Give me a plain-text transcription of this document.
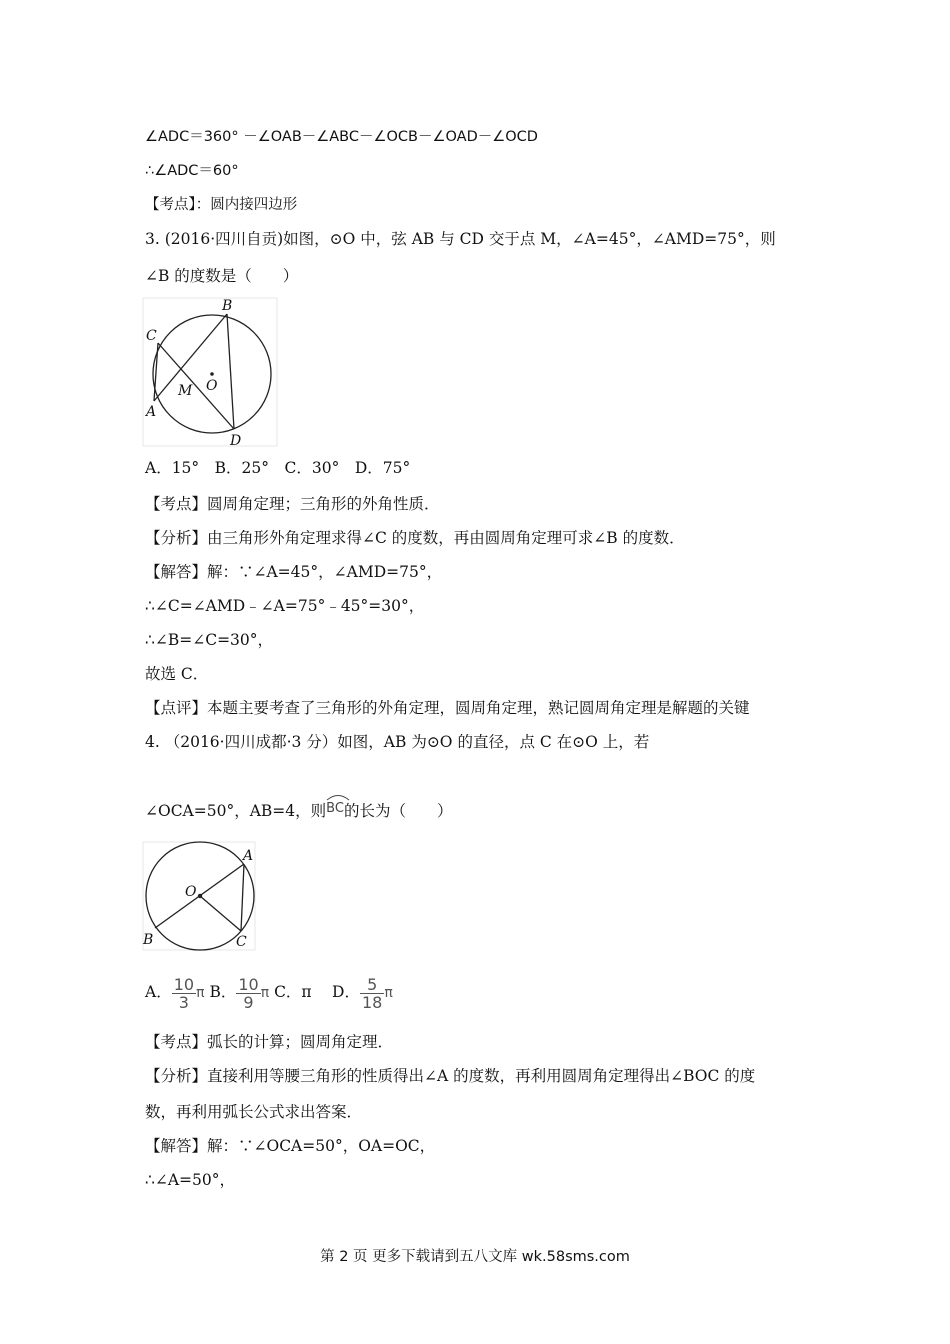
∠ADC＝360° －∠OAB－∠ABC－∠OCB－∠OAD－∠OCD
∴∠ADC＝60°
【考点】：圆内接四边形
3. (2016·四川自贡)如图，⊙O 中，弦 AB 与 CD 交于点 M，∠A=45°，∠AMD=75°，则
∠B 的度数是（　　）
B
C
M O
A
D
A．15°　B．25°　C．30°　D．75°
【考点】圆周角定理；三角形的外角性质．
【分析】由三角形外角定理求得∠C 的度数，再由圆周角定理可求∠B 的度数．
【解答】解：∵∠A=45°，∠AMD=75°，
∴∠C=∠AMD﹣∠A=75°﹣45°=30°，
∴∠B=∠C=30°，
故选 C．
【点评】本题主要考查了三角形的外角定理，圆周角定理，熟记圆周角定理是解题的关键
4. （2016·四川成都·3 分）如图，AB 为⊙O 的直径，点 C 在⊙O 上，若
∠OCA=50°，AB=4，则
BC的长为（　　）
A
O
B	C
A． $\frac{10}{3}$ π B． $\frac{10}{9}$ π C．π　 D． $\frac{5}{18}$ π
【考点】弧长的计算；圆周角定理．
【分析】直接利用等腰三角形的性质得出∠A 的度数，再利用圆周角定理得出∠BOC 的度
数，再利用弧长公式求出答案．
【解答】解：∵∠OCA=50°，OA=OC，
∴∠A=50°，
第 2 页 更多下载请到五八文库 wk.58sms.com
